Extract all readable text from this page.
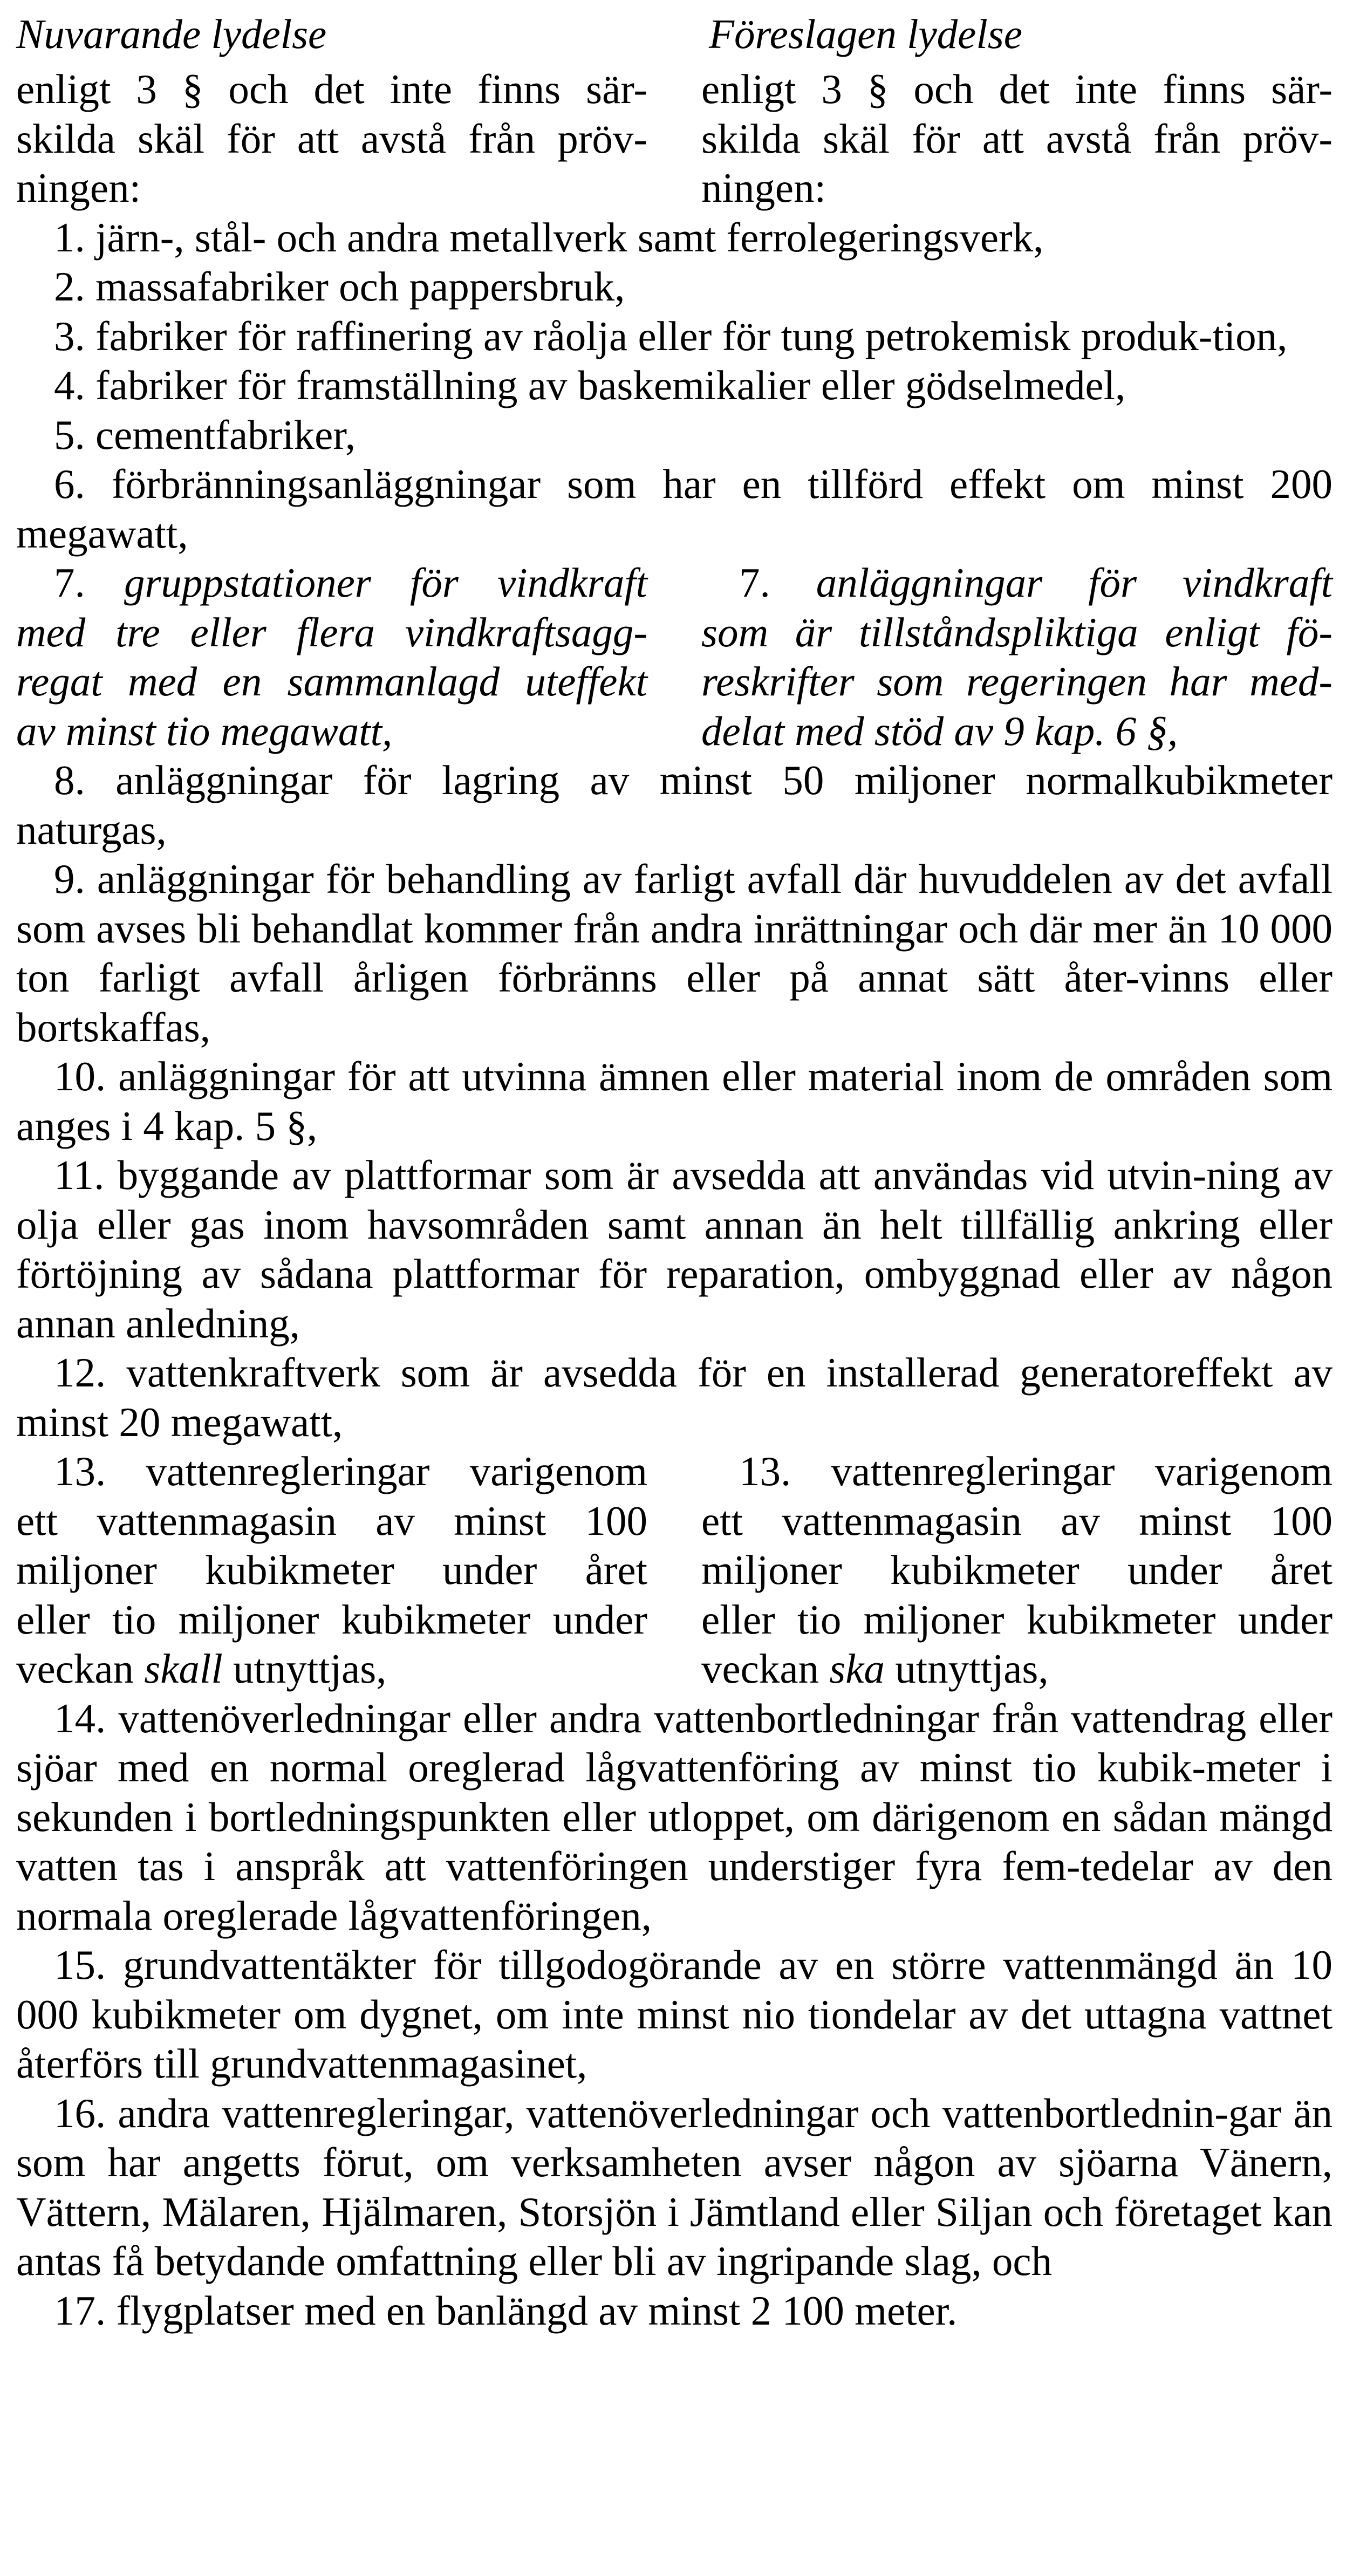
Nuvarande lydelse	Föreslagen lydelse
enligt 3 § och det inte finns sär-
skilda skäl för att avstå från pröv-
ningen:
enligt 3 § och det inte finns sär-
skilda skäl för att avstå från pröv-
ningen:
1. järn-, stål- och andra metallverk samt ferrolegeringsverk,
2. massafabriker och pappersbruk,
3. fabriker för raffinering av råolja eller för tung petrokemisk produk-tion,
4. fabriker för framställning av baskemikalier eller gödselmedel,
5. cementfabriker,
6. förbränningsanläggningar som har en tillförd effekt om minst 200 megawatt,
7. gruppstationer för vindkraft
med tre eller flera vindkraftsagg-
regat med en sammanlagd uteffekt
av minst tio megawatt,
7. anläggningar för vindkraft
som är tillståndspliktiga enligt fö-
reskrifter som regeringen har med-
delat med stöd av 9 kap. 6 §,
8. anläggningar för lagring av minst 50 miljoner normalkubikmeter naturgas,
9. anläggningar för behandling av farligt avfall där huvuddelen av det avfall som avses bli behandlat kommer från andra inrättningar och där mer än 10 000 ton farligt avfall årligen förbränns eller på annat sätt åter-vinns eller bortskaffas,
10. anläggningar för att utvinna ämnen eller material inom de områden som anges i 4 kap. 5 §,
11. byggande av plattformar som är avsedda att användas vid utvin-ning av olja eller gas inom havsområden samt annan än helt tillfällig ankring eller förtöjning av sådana plattformar för reparation, ombyggnad eller av någon annan anledning,
12. vattenkraftverk som är avsedda för en installerad generatoreffekt av minst 20 megawatt,
13. vattenregleringar varigenom
ett vattenmagasin av minst 100
miljoner kubikmeter under året
eller tio miljoner kubikmeter under
veckan skall utnyttjas,
13. vattenregleringar varigenom
ett vattenmagasin av minst 100
miljoner kubikmeter under året
eller tio miljoner kubikmeter under
veckan ska utnyttjas,
14. vattenöverledningar eller andra vattenbortledningar från vattendrag eller sjöar med en normal oreglerad lågvattenföring av minst tio kubik-meter i sekunden i bortledningspunkten eller utloppet, om därigenom en sådan mängd vatten tas i anspråk att vattenföringen understiger fyra fem-tedelar av den normala oreglerade lågvattenföringen,
15. grundvattentäkter för tillgodogörande av en större vattenmängd än 10 000 kubikmeter om dygnet, om inte minst nio tiondelar av det uttagna vattnet återförs till grundvattenmagasinet,
16. andra vattenregleringar, vattenöverledningar och vattenbortlednin-gar än som har angetts förut, om verksamheten avser någon av sjöarna Vänern, Vättern, Mälaren, Hjälmaren, Storsjön i Jämtland eller Siljan och företaget kan antas få betydande omfattning eller bli av ingripande slag, och
17. flygplatser med en banlängd av minst 2 100 meter.
